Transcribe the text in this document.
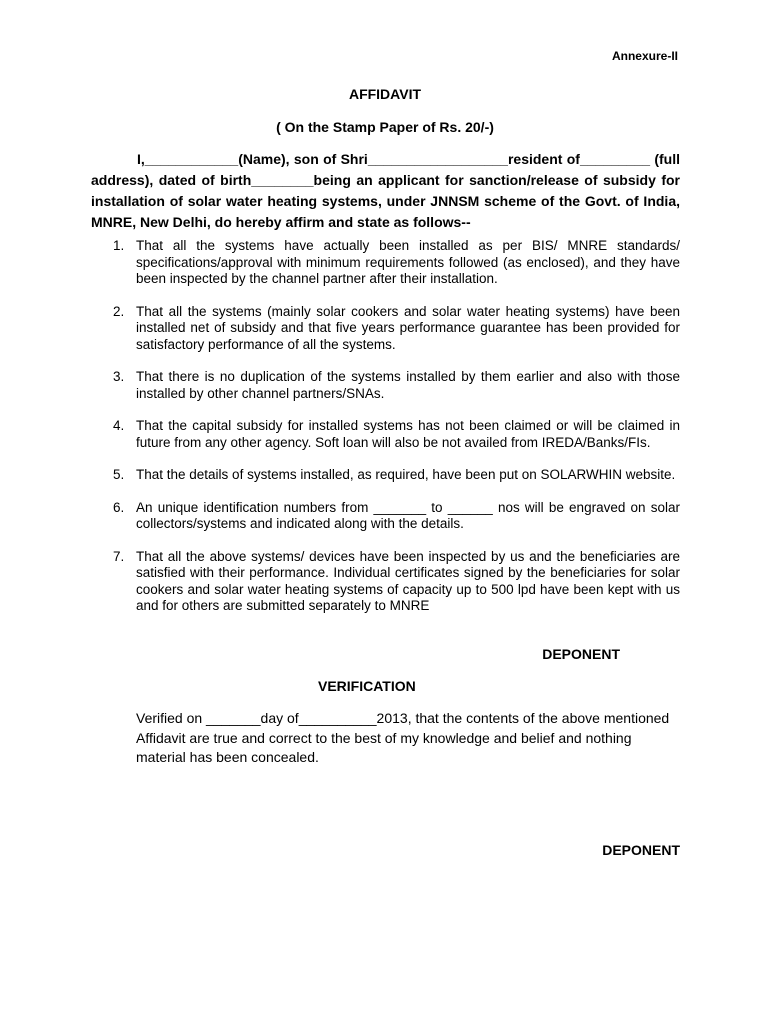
Annexure-II
AFFIDAVIT
( On the Stamp Paper of Rs. 20/-)

I,____________(Name), son of Shri__________________resident of_________ (full address), dated of birth________being an applicant for sanction/release of subsidy for installation of solar water heating systems, under JNNSM scheme of the Govt. of India, MNRE, New Delhi, do hereby affirm and state as follows--

1. That all the systems have actually been installed as per BIS/ MNRE standards/ specifications/approval with minimum requirements followed (as enclosed), and they have been inspected by the channel partner after their installation.
2. That all the systems (mainly solar cookers and solar water heating systems) have been installed net of subsidy and that five years performance guarantee has been provided for satisfactory performance of all the systems.
3. That there is no duplication of the systems installed by them earlier and also with those installed by other channel partners/SNAs.
4. That the capital subsidy for installed systems has not been claimed or will be claimed in future from any other agency. Soft loan will also be not availed from IREDA/Banks/FIs.
5. That the details of systems installed, as required, have been put on SOLARWHIN website.
6. An unique identification numbers from _______ to ______ nos will be engraved on solar collectors/systems and indicated along with the details.
7. That all the above systems/ devices have been inspected by us and the beneficiaries are satisfied with their performance. Individual certificates signed by the beneficiaries for solar cookers and solar water heating systems of capacity up to 500 lpd have been kept with us and for others are submitted separately to MNRE
DEPONENT
VERIFICATION

Verified on _______day of__________2013, that the contents of the above mentioned Affidavit are true and correct to the best of my knowledge and belief and nothing material has been concealed.

DEPONENT
